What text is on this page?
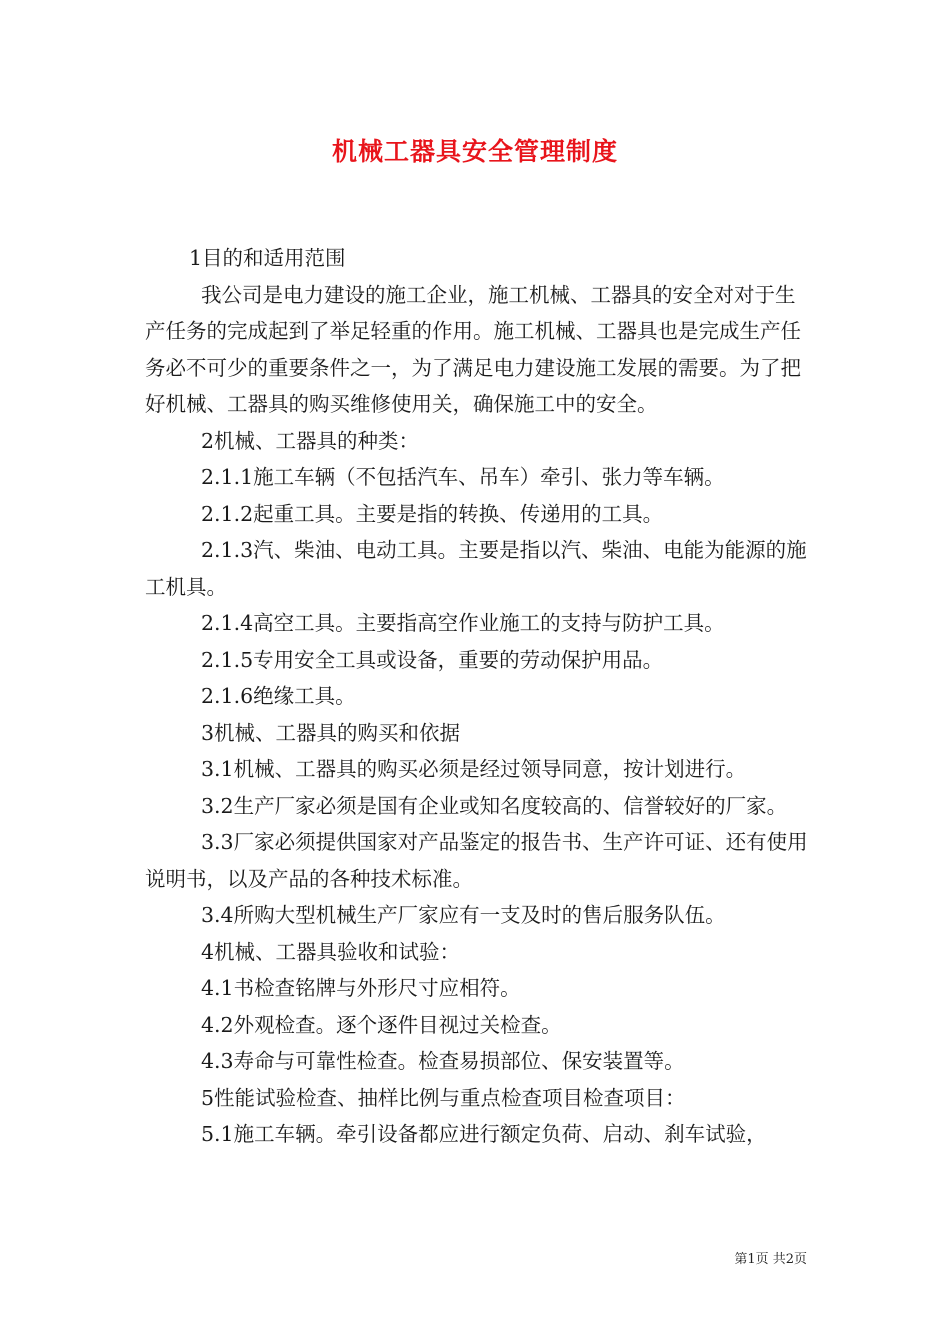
机械工器具安全管理制度

1目的和适用范围

我公司是电力建设的施工企业，施工机械、工器具的安全对对于生产任务的完成起到了举足轻重的作用。施工机械、工器具也是完成生产任务必不可少的重要条件之一，为了满足电力建设施工发展的需要。为了把好机械、工器具的购买维修使用关，确保施工中的安全。

2机械、工器具的种类：

2.1.1施工车辆（不包括汽车、吊车）牵引、张力等车辆。

2.1.2起重工具。主要是指的转换、传递用的工具。

2.1.3汽、柴油、电动工具。主要是指以汽、柴油、电能为能源的施工机具。

2.1.4高空工具。主要指高空作业施工的支持与防护工具。

2.1.5专用安全工具或设备，重要的劳动保护用品。

2.1.6绝缘工具。

3机械、工器具的购买和依据

3.1机械、工器具的购买必须是经过领导同意，按计划进行。

3.2生产厂家必须是国有企业或知名度较高的、信誉较好的厂家。

3.3厂家必须提供国家对产品鉴定的报告书、生产许可证、还有使用说明书，以及产品的各种技术标准。

3.4所购大型机械生产厂家应有一支及时的售后服务队伍。

4机械、工器具验收和试验：

4.1书检查铭牌与外形尺寸应相符。

4.2外观检查。逐个逐件目视过关检查。

4.3寿命与可靠性检查。检查易损部位、保安装置等。

5性能试验检查、抽样比例与重点检查项目检查项目：

5.1施工车辆。牵引设备都应进行额定负荷、启动、刹车试验，

第1页 共2页
